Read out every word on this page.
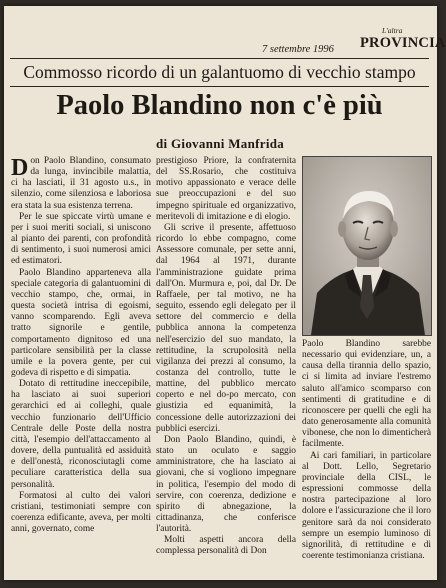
7 settembre 1996
L'altra
PROVINCIA
Commosso ricordo di un galantuomo di vecchio stampo
Paolo Blandino non c'è più
di Giovanni Manfrida

Don Paolo Blandino, consumato da lunga, invincibile malattia, ci ha lasciati, il 31 agosto u.s., in silenzio, come silenziosa e laboriosa era stata la sua esistenza terrena.

Per le sue spiccate virtù umane e per i suoi meriti sociali, si uniscono al pianto dei parenti, con profondità di sentimento, i suoi numerosi amici ed estimatori.

Paolo Blandino apparteneva alla speciale categoria di galantuomini di vecchio stampo, che, ormai, in questa società intrisa di egoismi, vanno scomparendo. Egli aveva tratto signorile e gentile, comportamento dignitoso ed una particolare sensibilità per la classe umile e la povera gente, per cui godeva di rispetto e di simpatia.

Dotato di rettitudine ineccepibile, ha lasciato ai suoi superiori gerarchici ed ai colleghi, quale vecchio funzionario dell'Ufficio Centrale delle Poste della nostra città, l'esempio dell'attaccamento al dovere, della puntualità ed assiduità e dell'onestà, riconosciutagli come peculiare caratteristica della sua personalità.

Formatosi al culto dei valori cristiani, testimoniati sempre con coerenza edificante, aveva, per molti anni, governato, come

prestigioso Priore, la confraternita del SS.Rosario, che costituiva motivo appassionato e verace delle sue preoccupazioni e del suo impegno spirituale ed organizzativo, meritevoli di imitazione e di elogio.

Gli scrive il presente, affettuoso ricordo lo ebbe compagno, come Assessore comunale, per sette anni, dal 1964 al 1971, durante l'amministrazione guidate prima dall'On. Murmura e, poi, dal Dr. De Raffaele, per tal motivo, ne ha seguito, essendo egli delegato per il settore del commercio e della pubblica annona la competenza nell'esercizio del suo mandato, la rettitudine, la scrupolosità nella vigilanza dei prezzi al consumo, la costanza del controllo, tutte le mattine, del pubblico mercato coperto e nel do-po mercato, con giustizia ed equanimità, la concessione delle autorizzazioni dei pubblici esercizi.

Don Paolo Blandino, quindi, è stato un oculato e saggio amministratore, che ha lasciato ai giovani, che si vogliono impegnare in politica, l'esempio del modo di servire, con coerenza, dedizione e spirito di abnegazione, la cittadinanza, che conferisce l'autorità.

Molti aspetti ancora della complessa personalità di Don

Paolo Blandino sarebbe necessario qui evidenziare, un, a causa della tirannia dello spazio, ci si limita ad inviare l'estremo saluto all'amico scomparso con sentimenti di gratitudine e di riconoscere per quelli che egli ha dato generosamente alla comunità vibonese, che non lo dimenticherà facilmente.

Ai cari familiari, in particolare al Dott. Lello, Segretario provinciale della CISL, le espressioni commosse della nostra partecipazione al loro dolore e l'assicurazione che il loro genitore sarà da noi considerato sempre un esempio luminoso di signorilità, di rettitudine e di coerente testimonianza cristiana.
